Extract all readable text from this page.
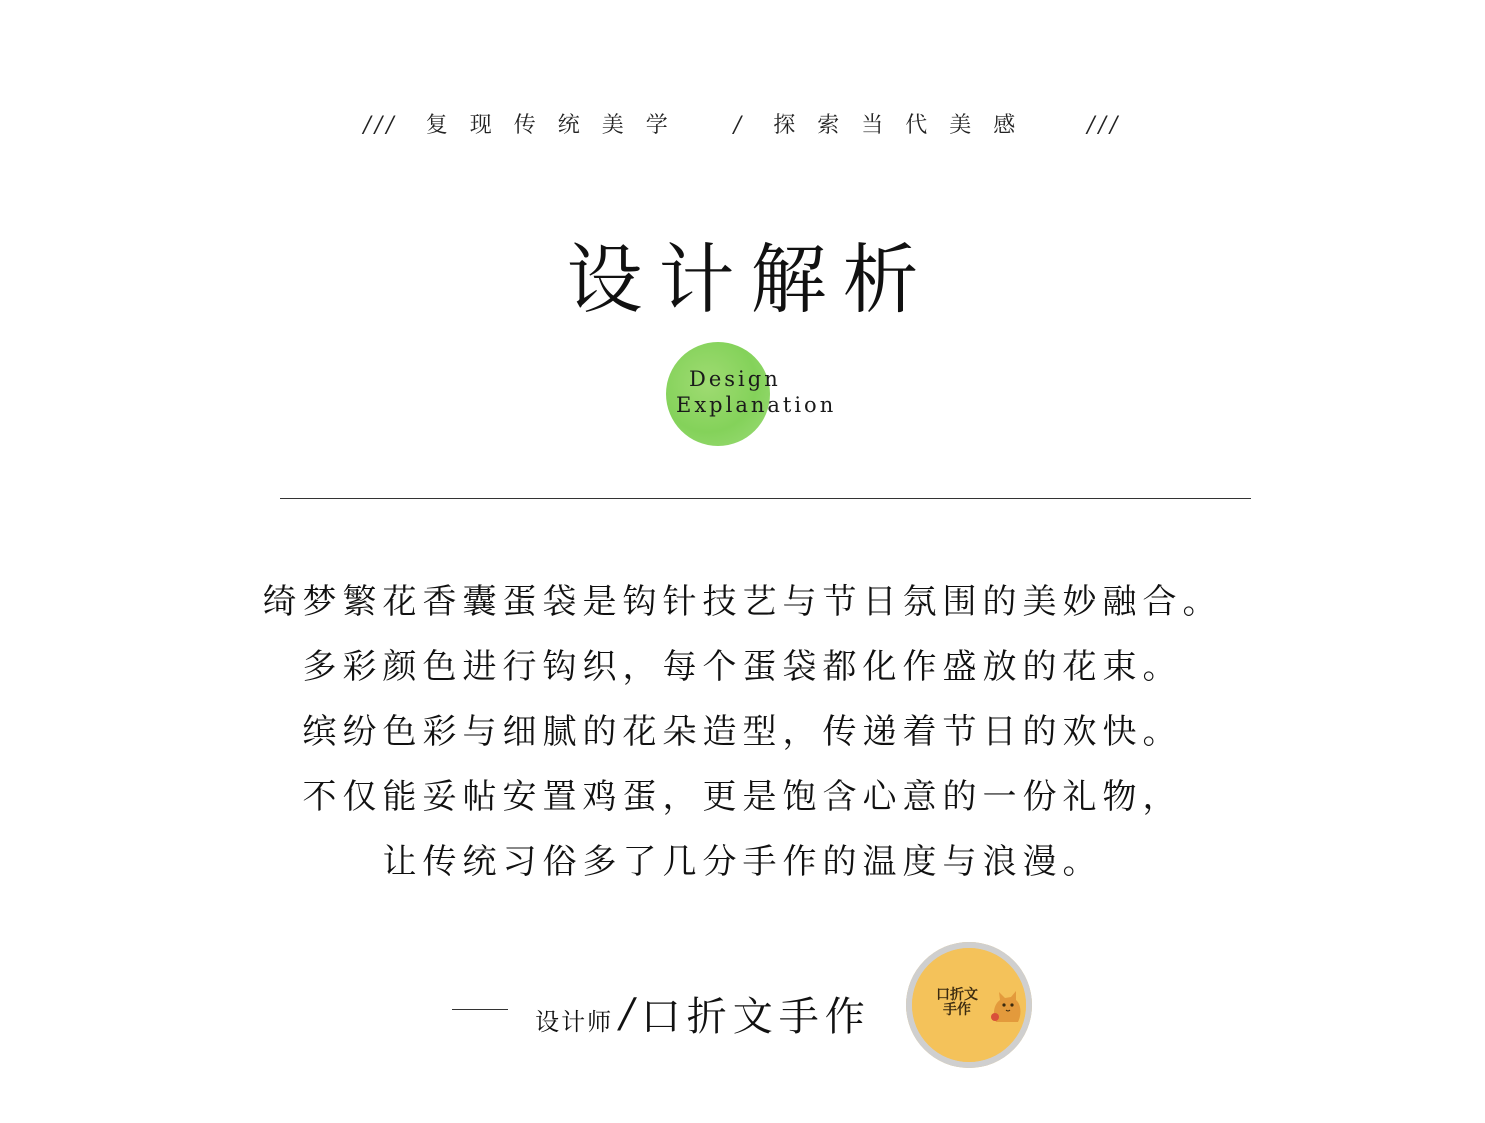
/// 复现传统美学 / 探索当代美感 ///
设计解析
Design
Explanation

绮梦繁花香囊蛋袋是钩针技艺与节日氛围的美妙融合。

多彩颜色进行钩织，每个蛋袋都化作盛放的花束。

缤纷色彩与细腻的花朵造型，传递着节日的欢快。

不仅能妥帖安置鸡蛋，更是饱含心意的一份礼物，

让传统习俗多了几分手作的温度与浪漫。

设计师 / 口折文手作	口折文
手作
